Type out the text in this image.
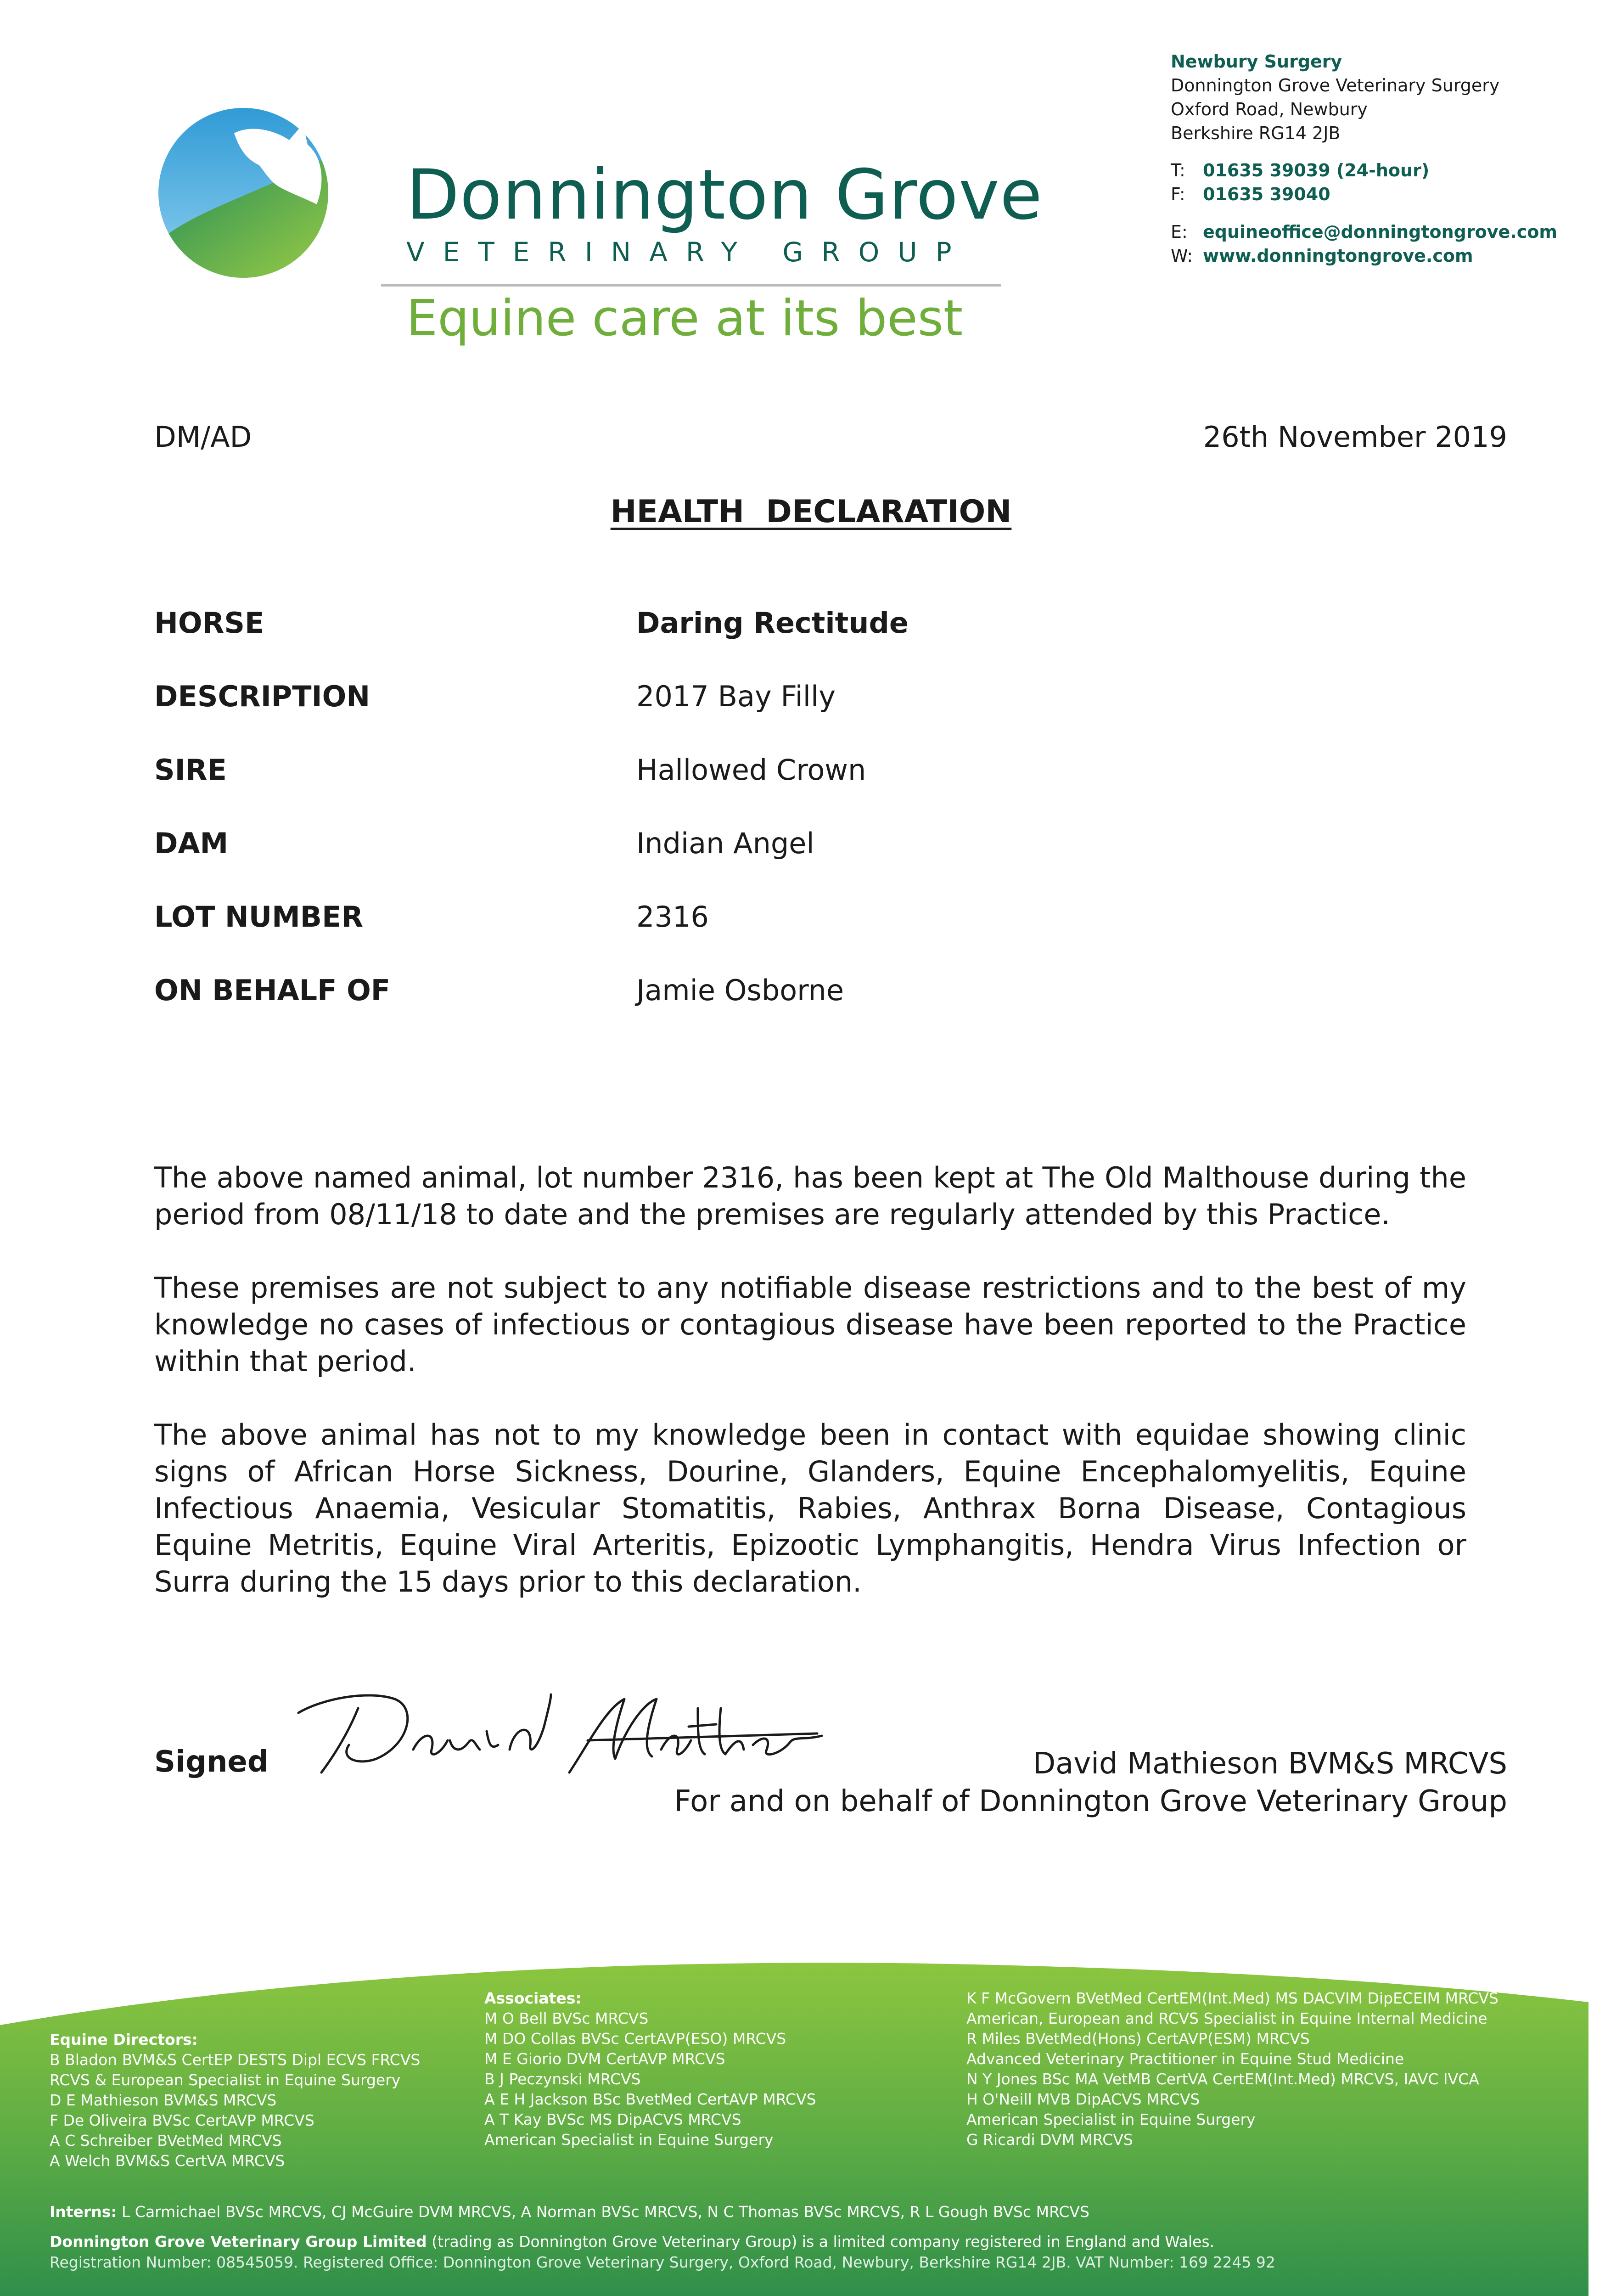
Donnington Grove
VETERINARY GROUP
Equine care at its best
Newbury Surgery
Donnington Grove Veterinary Surgery
Oxford Road, Newbury
Berkshire RG14 2JB
T: 01635 39039 (24-hour)
F: 01635 39040
E: equineoffice@donningtongrove.com
W: www.donningtongrove.com
DM/AD	26th November 2019
HEALTH  DECLARATION
HORSE	Daring Rectitude
DESCRIPTION	2017 Bay Filly
SIRE	Hallowed Crown
DAM	Indian Angel
LOT NUMBER	2316
ON BEHALF OF	Jamie Osborne
The above named animal, lot number 2316, has been kept at The Old Malthouse during the period from 08/11/18 to date and the premises are regularly attended by this Practice.
These premises are not subject to any notifiable disease restrictions and to the best of my knowledge no cases of infectious or contagious disease have been reported to the Practice within that period.
The above animal has not to my knowledge been in contact with equidae showing clinic signs of African Horse Sickness, Dourine, Glanders, Equine Encephalomyelitis, Equine Infectious Anaemia, Vesicular Stomatitis, Rabies, Anthrax Borna Disease, Contagious Equine Metritis, Equine Viral Arteritis, Epizootic Lymphangitis, Hendra Virus Infection or Surra during the 15 days prior to this declaration.
Signed	David Mathieson BVM&S MRCVS
For and on behalf of Donnington Grove Veterinary Group
Equine Directors:
B Bladon BVM&S CertEP DESTS Dipl ECVS FRCVS
RCVS & European Specialist in Equine Surgery
D E Mathieson BVM&S MRCVS
F De Oliveira BVSc CertAVP MRCVS
A C Schreiber BVetMed MRCVS
A Welch BVM&S CertVA MRCVS
Associates:
M O Bell BVSc MRCVS
M DO Collas BVSc CertAVP(ESO) MRCVS
M E Giorio DVM CertAVP MRCVS
B J Peczynski MRCVS
A E H Jackson BSc BvetMed CertAVP MRCVS
A T Kay BVSc MS DipACVS MRCVS
American Specialist in Equine Surgery
K F McGovern BVetMed CertEM(Int.Med) MS DACVIM DipECEIM MRCVS
American, European and RCVS Specialist in Equine Internal Medicine
R Miles BVetMed(Hons) CertAVP(ESM) MRCVS
Advanced Veterinary Practitioner in Equine Stud Medicine
N Y Jones BSc MA VetMB CertVA CertEM(Int.Med) MRCVS, IAVC IVCA
H O'Neill MVB DipACVS MRCVS
American Specialist in Equine Surgery
G Ricardi DVM MRCVS
Interns: L Carmichael BVSc MRCVS, CJ McGuire DVM MRCVS, A Norman BVSc MRCVS, N C Thomas BVSc MRCVS, R L Gough BVSc MRCVS
Donnington Grove Veterinary Group Limited (trading as Donnington Grove Veterinary Group) is a limited company registered in England and Wales.
Registration Number: 08545059. Registered Office: Donnington Grove Veterinary Surgery, Oxford Road, Newbury, Berkshire RG14 2JB. VAT Number: 169 2245 92
